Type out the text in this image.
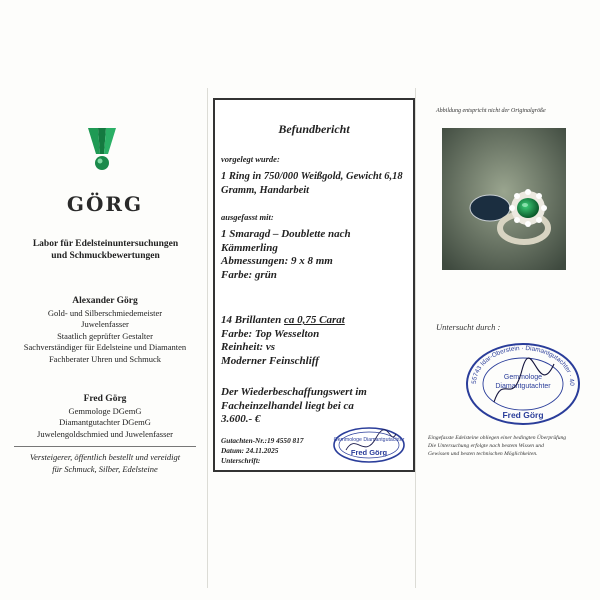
GÖRG
Labor für Edelsteinuntersuchungen
und Schmuckbewertungen
Alexander Görg
Gold- und Silberschmiedemeister
Juwelenfasser
Staatlich geprüfter Gestalter
Sachverständiger für Edelsteine und Diamanten
Fachberater Uhren und Schmuck
Fred Görg
Gemmologe DGemG
Diamantgutachter DGemG
Juwelengoldschmied und Juwelenfasser
Versteigerer, öffentlich bestellt und vereidigt
für Schmuck, Silber, Edelsteine
Befundbericht
vorgelegt wurde:
1 Ring in 750/000 Weißgold, Gewicht 6,18 Gramm, Handarbeit
ausgefasst mit:
1 Smaragd – Doublette nach Kämmerling
Abmessungen: 9 x 8 mm
Farbe: grün
14 Brillanten ca 0,75 Carat
Farbe: Top Wesselton
Reinheit: vs
Moderner Feinschliff
Der Wiederbeschaffungswert im Facheinzelhandel liegt bei ca
3.600.- €
Gutachten-Nr.:19 4550 817
Datum: 24.11.2025
Unterschrift:
Gemmologe Diamantgutachter
Fred Görg
Abbildung entspricht nicht der Originalgröße
Untersucht durch :
55743 Idar-Oberstein · Diamantgutachter · 40
Gemmologe
Diamantgutachter
Fred Görg
Eingefasste Edelsteine obliegen einer bedingten Überprüfung
Die Untersuchung erfolgte nach bestem Wissen und
Gewissen und besten technischen Möglichkeiten.
